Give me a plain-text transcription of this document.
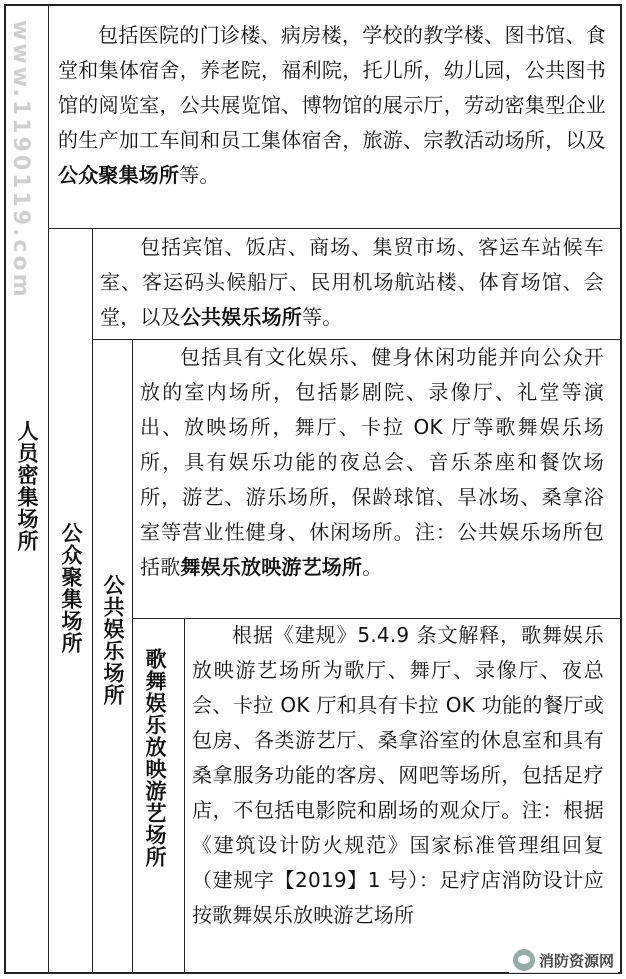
www.1190119.com
人员密集场所
公众聚集场所 公共娱乐场所
歌舞娱乐放映游艺场所
包括医院的门诊楼、病房楼，学校的教学楼、图书馆、食堂和集体宿舍，养老院，福利院，托儿所，幼儿园，公共图书馆的阅览室，公共展览馆、博物馆的展示厅，劳动密集型企业的生产加工车间和员工集体宿舍，旅游、宗教活动场所，以及公众聚集场所等。
包括宾馆、饭店、商场、集贸市场、客运车站候车室、客运码头候船厅、民用机场航站楼、体育场馆、会堂，以及公共娱乐场所等。
包括具有文化娱乐、健身休闲功能并向公众开放的室内场所，包括影剧院、录像厅、礼堂等演出、放映场所，舞厅、卡拉 OK 厅等歌舞娱乐场所，具有娱乐功能的夜总会、音乐茶座和餐饮场所，游艺、游乐场所，保龄球馆、旱冰场、桑拿浴室等营业性健身、休闲场所。注：公共娱乐场所包括歌舞娱乐放映游艺场所。
根据《建规》5.4.9 条文解释，歌舞娱乐放映游艺场所为歌厅、舞厅、录像厅、夜总会、卡拉 OK 厅和具有卡拉 OK 功能的餐厅或包房、各类游艺厅、桑拿浴室的休息室和具有桑拿服务功能的客房、网吧等场所，包括足疗店，不包括电影院和剧场的观众厅。注：根据《建筑设计防火规范》国家标准管理组回复（建规字【2019】1 号）：足疗店消防设计应按歌舞娱乐放映游艺场所
消防资源网
